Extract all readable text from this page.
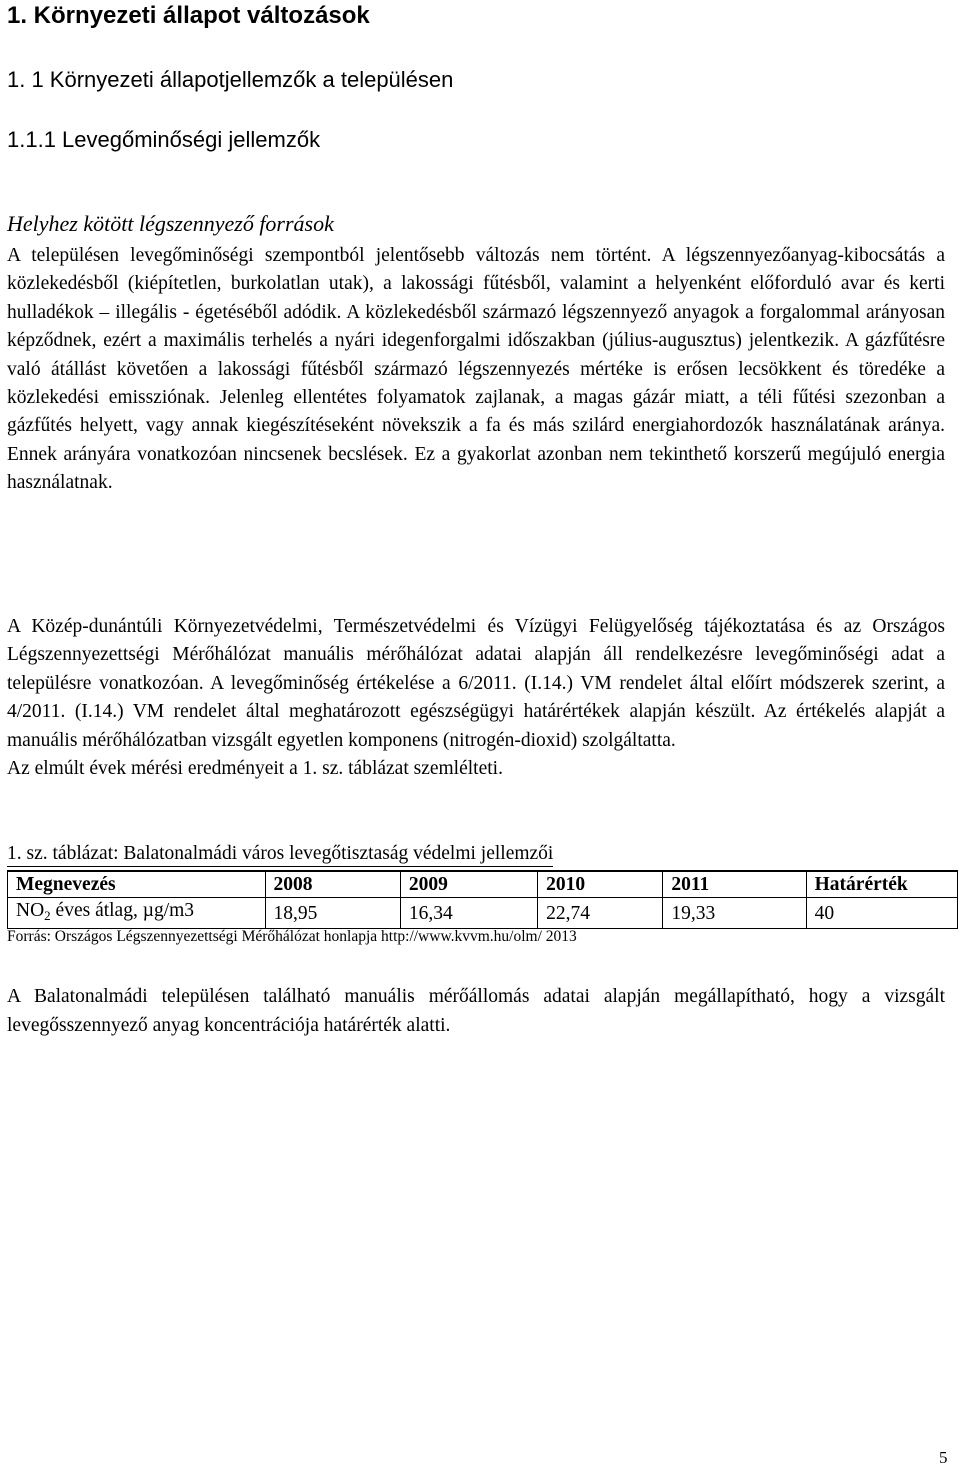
1. Környezeti állapot változások
1. 1 Környezeti állapotjellemzők a településen
1.1.1 Levegőminőségi jellemzők
Helyhez kötött légszennyező források

A településen levegőminőségi szempontból jelentősebb változás nem történt. A légszennyezőanyag-kibocsátás a közlekedésből (kiépítetlen, burkolatlan utak), a lakossági fűtésből, valamint a helyenként előforduló avar és kerti hulladékok – illegális - égetéséből adódik. A közlekedésből származó légszennyező anyagok a forgalommal arányosan képződnek, ezért a maximális terhelés a nyári idegenforgalmi időszakban (július-augusztus) jelentkezik. A gázfűtésre való átállást követően a lakossági fűtésből származó légszennyezés mértéke is erősen lecsökkent és töredéke a közlekedési emissziónak. Jelenleg ellentétes folyamatok zajlanak, a magas gázár miatt, a téli fűtési szezonban a gázfűtés helyett, vagy annak kiegészítéseként növekszik a fa és más szilárd energiahordozók használatának aránya. Ennek arányára vonatkozóan nincsenek becslések. Ez a gyakorlat azonban nem tekinthető korszerű megújuló energia használatnak.

A Közép-dunántúli Környezetvédelmi, Természetvédelmi és Vízügyi Felügyelőség tájékoztatása és az Országos Légszennyezettségi Mérőhálózat manuális mérőhálózat adatai alapján áll rendelkezésre levegőminőségi adat a településre vonatkozóan. A levegőminőség értékelése a 6/2011. (I.14.) VM rendelet által előírt módszerek szerint, a 4/2011. (I.14.) VM rendelet által meghatározott egészségügyi határértékek alapján készült. Az értékelés alapját a manuális mérőhálózatban vizsgált egyetlen komponens (nitrogén-dioxid) szolgáltatta.
Az elmúlt évek mérési eredményeit a 1. sz. táblázat szemlélteti.
1. sz. táblázat: Balatonalmádi város levegőtisztaság védelmi jellemzői
Megnevezés	2008	2009	2010	2011	Határérték
$NO_2$ éves átlag, µg/m3	18,95	16,34	22,74	19,33	40
Forrás: Országos Légszennyezettségi Mérőhálózat honlapja http://www.kvvm.hu/olm/ 2013

A Balatonalmádi településen található manuális mérőállomás adatai alapján megállapítható, hogy a vizsgált levegősszennyező anyag koncentrációja határérték alatti.

5
